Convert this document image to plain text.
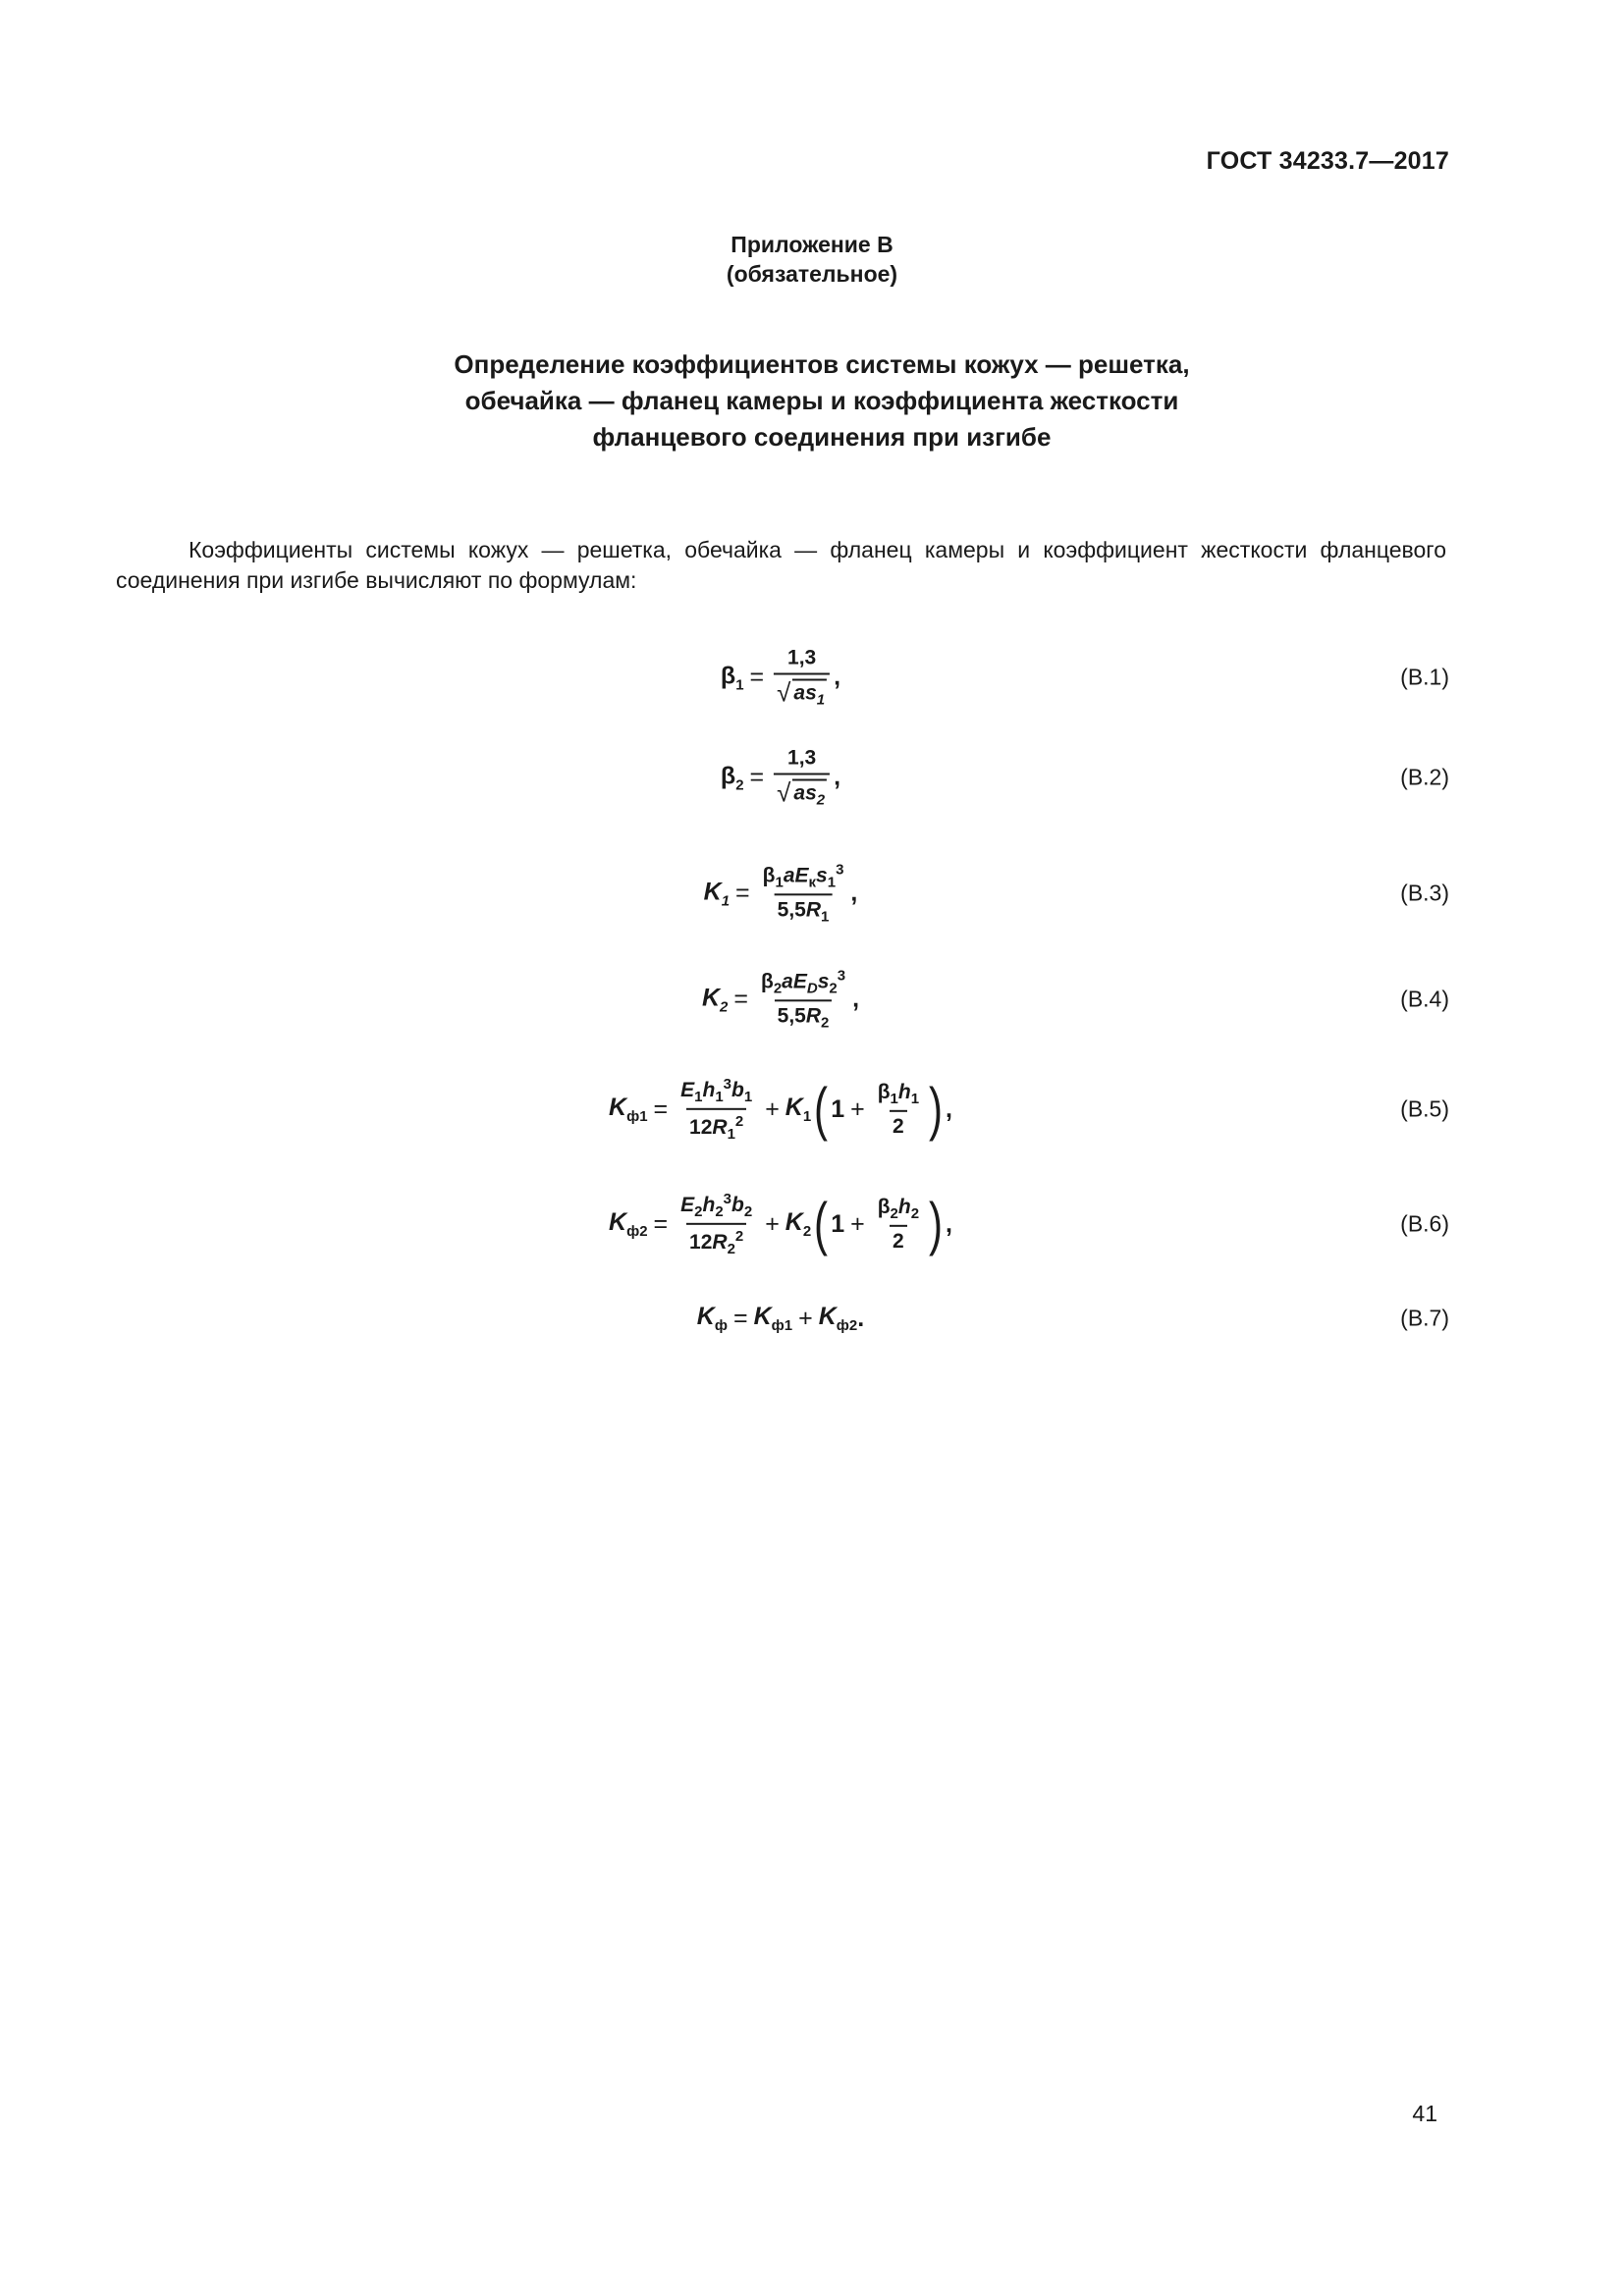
ГОСТ 34233.7—2017
Приложение В
(обязательное)
Определение коэффициентов системы кожух — решетка,
обечайка — фланец камеры и коэффициента жесткости
фланцевого соединения при изгибе
Коэффициенты системы кожух — решетка, обечайка — фланец камеры и коэффициент жесткости фланцевого соединения при изгибе вычисляют по формулам:
$\beta_1 = \frac{1,3}{√ as_1}$ ,	(В.1)
$\beta_2 = \frac{1,3}{√ as_2}$ ,	(В.2)
$K_1 = \frac{\beta_1aE_кs_1^3}{5,5R_1}$ ,	(В.3)
$K_2 = \frac{\beta_2aE_Ds_2^3}{5,5R_2}$ ,	(В.4)
$K_{ф1} = \frac{E_1h_1^3b_1}{12R_1^2} + K_1$ ( $1 + \frac{\beta_1h_1}{2}$ ) ,	(В.5)
$K_{ф2} = \frac{E_2h_2^3b_2}{12R_2^2} + K_2$ ( $1 + \frac{\beta_2h_2}{2}$ ) ,	(В.6)
$K_ф = K_{ф1} + K_{ф2}$ .	(В.7)
41
